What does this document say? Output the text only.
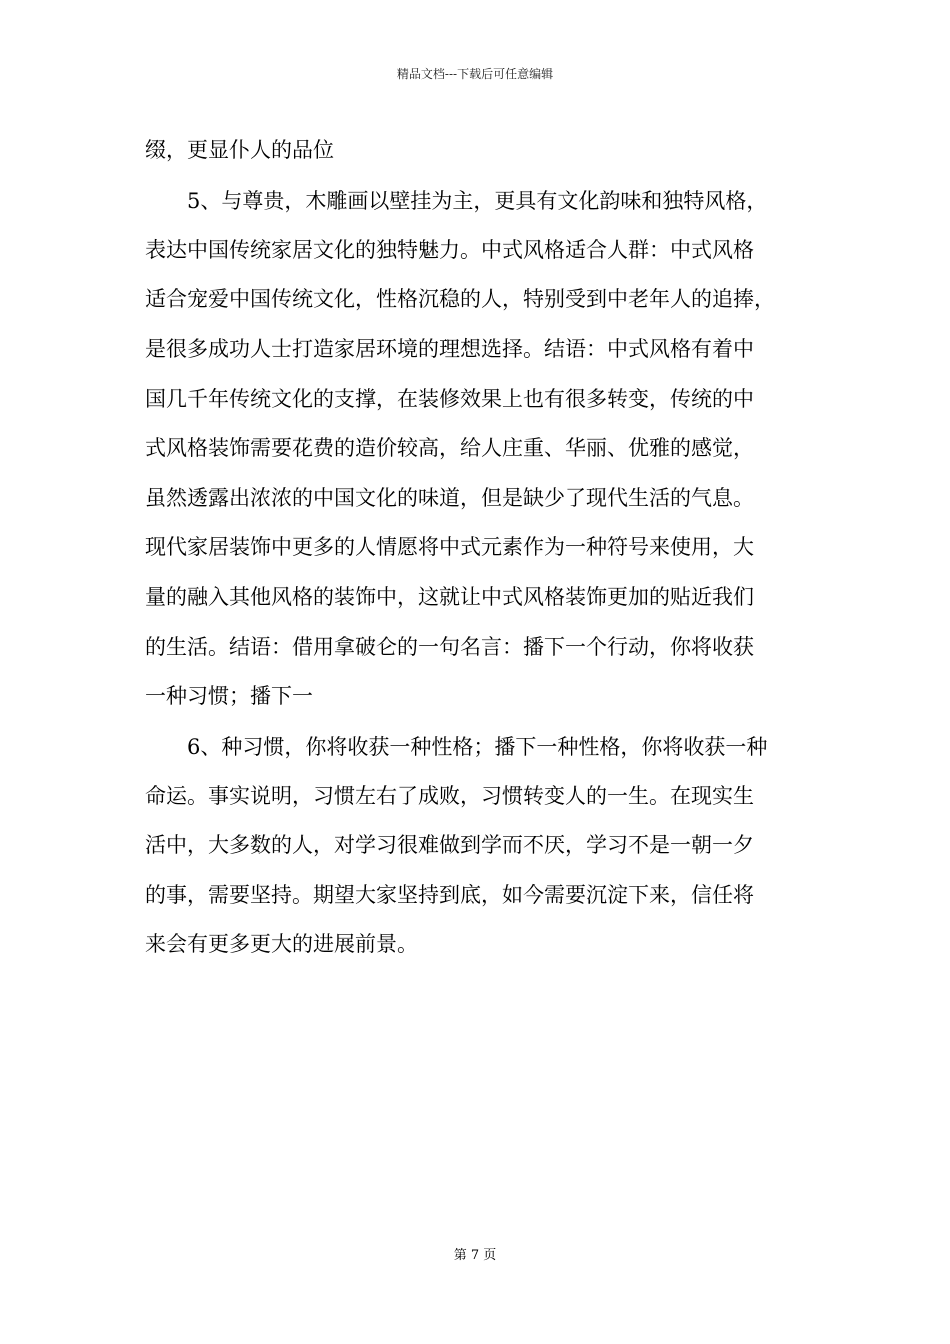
精品文档---下载后可任意编辑
缀，更显仆人的品位
　　5、与尊贵，木雕画以壁挂为主，更具有文化韵味和独特风格，
表达中国传统家居文化的独特魅力。中式风格适合人群：中式风格
适合宠爱中国传统文化，性格沉稳的人，特别受到中老年人的追捧，
是很多成功人士打造家居环境的理想选择。结语：中式风格有着中
国几千年传统文化的支撑，在装修效果上也有很多转变，传统的中
式风格装饰需要花费的造价较高，给人庄重、华丽、优雅的感觉，
虽然透露出浓浓的中国文化的味道，但是缺少了现代生活的气息。
现代家居装饰中更多的人情愿将中式元素作为一种符号来使用，大
量的融入其他风格的装饰中，这就让中式风格装饰更加的贴近我们
的生活。结语：借用拿破仑的一句名言：播下一个行动，你将收获
一种习惯；播下一
　　6、种习惯，你将收获一种性格；播下一种性格，你将收获一种
命运。事实说明，习惯左右了成败，习惯转变人的一生。在现实生
活中，大多数的人，对学习很难做到学而不厌，学习不是一朝一夕
的事，需要坚持。期望大家坚持到底，如今需要沉淀下来，信任将
来会有更多更大的进展前景。
第 7 页
